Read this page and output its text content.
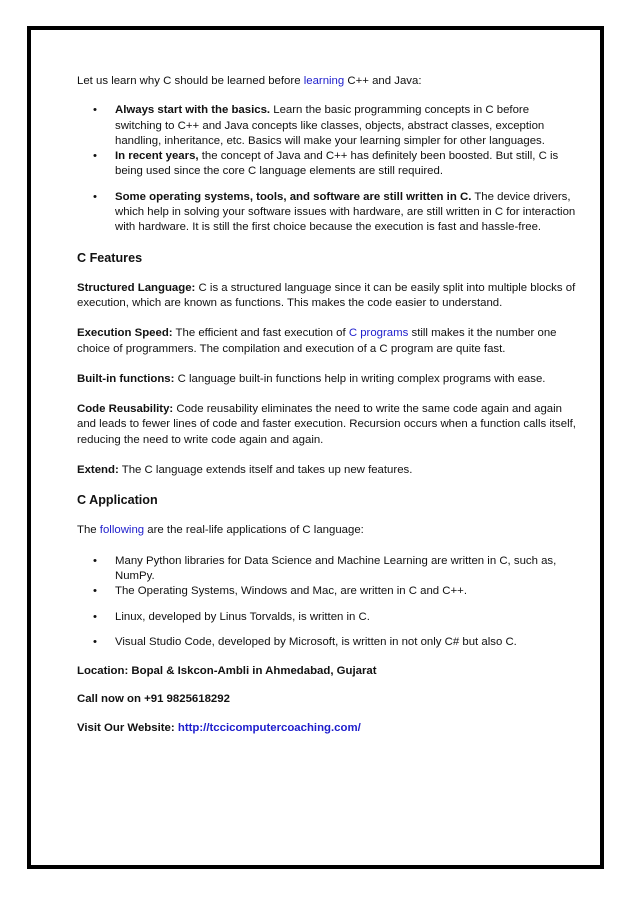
Let us learn why C should be learned before learning C++ and Java:

• Always start with the basics. Learn the basic programming concepts in C before switching to C++ and Java concepts like classes, objects, abstract classes, exception handling, inheritance, etc. Basics will make your learning simpler for other languages.
• In recent years, the concept of Java and C++ has definitely been boosted. But still, C is being used since the core C language elements are still required.
• Some operating systems, tools, and software are still written in C. The device drivers, which help in solving your software issues with hardware, are still written in C for interaction with hardware. It is still the first choice because the execution is fast and hassle-free.
C Features

Structured Language: C is a structured language since it can be easily split into multiple blocks of execution, which are known as functions. This makes the code easier to understand.

Execution Speed: The efficient and fast execution of C programs still makes it the number one choice of programmers. The compilation and execution of a C program are quite fast.

Built-in functions: C language built-in functions help in writing complex programs with ease.

Code Reusability: Code reusability eliminates the need to write the same code again and again and leads to fewer lines of code and faster execution. Recursion occurs when a function calls itself, reducing the need to write code again and again.

Extend: The C language extends itself and takes up new features.

C Application

The following are the real-life applications of C language:

• Many Python libraries for Data Science and Machine Learning are written in C, such as, NumPy.
• The Operating Systems, Windows and Mac, are written in C and C++.
• Linux, developed by Linus Torvalds, is written in C.
• Visual Studio Code, developed by Microsoft, is written in not only C# but also C.

Location: Bopal & Iskcon-Ambli in Ahmedabad, Gujarat

Call now on +91 9825618292

Visit Our Website: http://tccicomputercoaching.com/
